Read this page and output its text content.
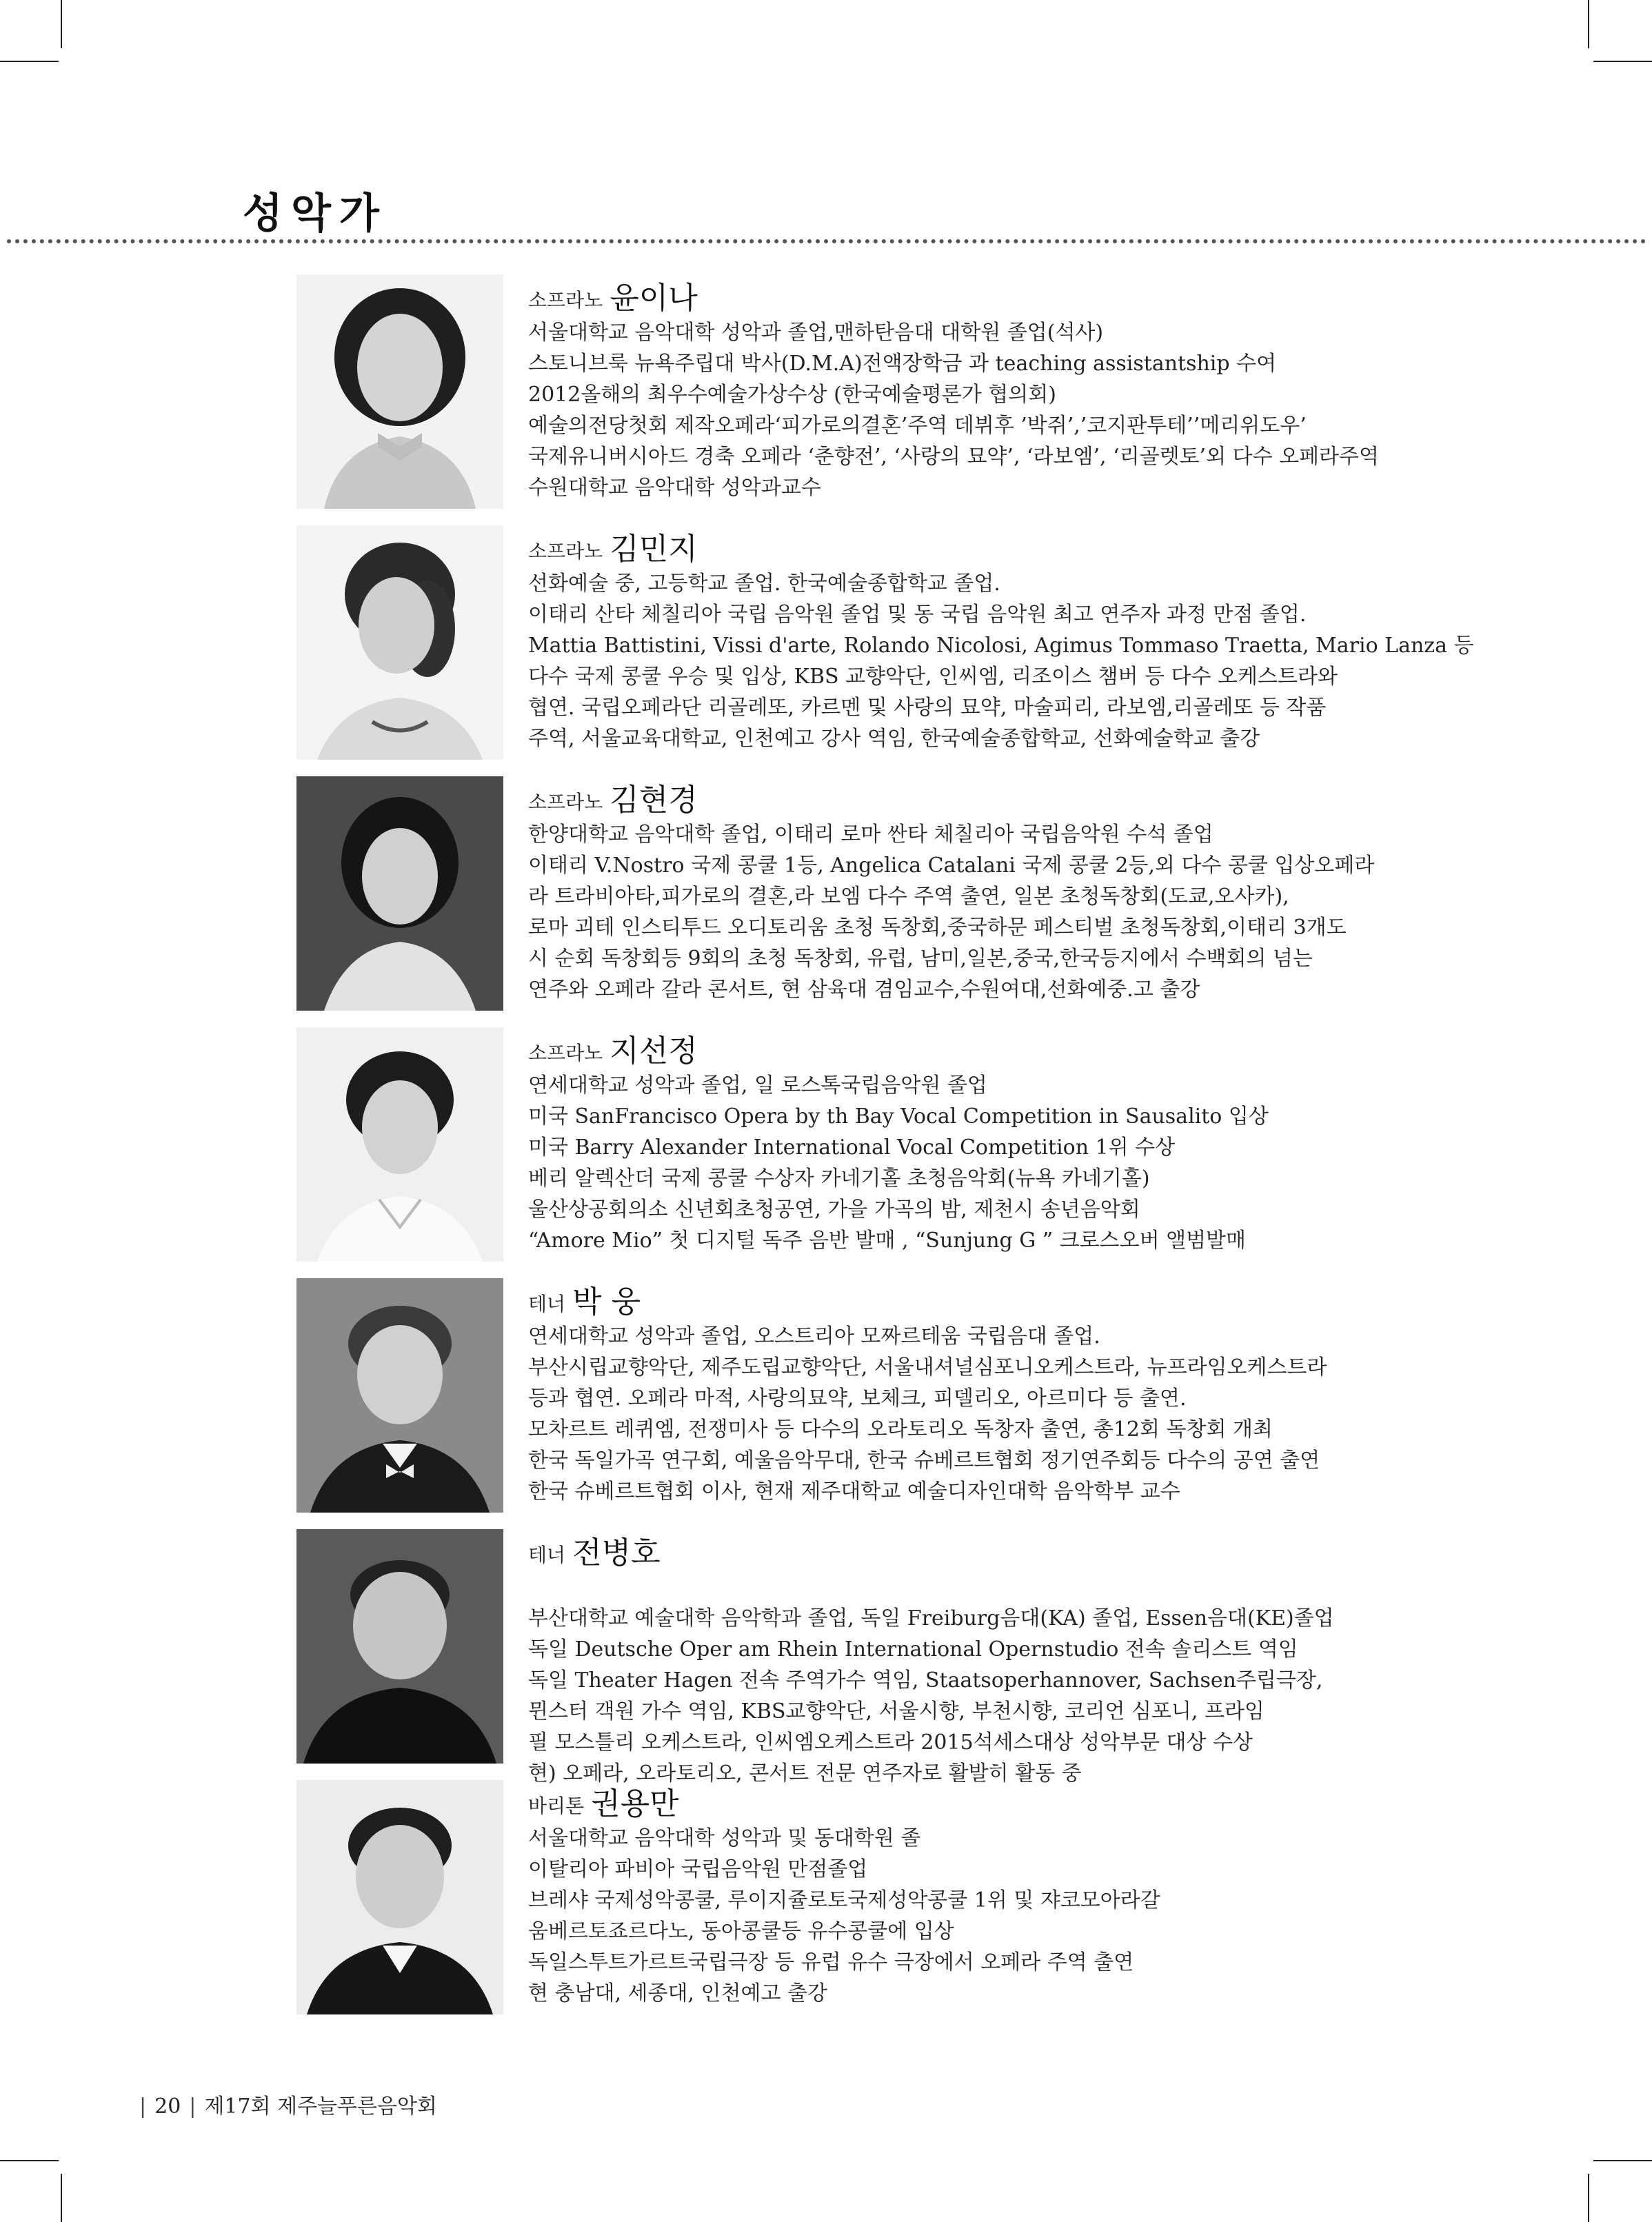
성악가
소프라노 윤이나
서울대학교 음악대학 성악과 졸업,맨하탄음대 대학원 졸업(석사)
스토니브룩 뉴욕주립대 박사(D.M.A)전액장학금 과 teaching assistantship 수여
2012올해의 최우수예술가상수상 (한국예술평론가 협의회)
예술의전당첫회 제작오페라‘피가로의결혼’주역 데뷔후 ’박쥐’,’코지판투테’’메리위도우’
국제유니버시아드 경축 오페라 ‘춘향전’, ‘사랑의 묘약’, ‘라보엠’, ‘리골렛토’외 다수 오페라주역
수원대학교 음악대학 성악과교수
소프라노 김민지
선화예술 중, 고등학교 졸업. 한국예술종합학교 졸업.
이태리 산타 체칠리아 국립 음악원 졸업 및 동 국립 음악원 최고 연주자 과정 만점 졸업.
Mattia Battistini, Vissi d'arte, Rolando Nicolosi, Agimus Tommaso Traetta, Mario Lanza 등
다수 국제 콩쿨 우승 및 입상, KBS 교향악단, 인씨엠, 리조이스 챔버 등 다수 오케스트라와
협연. 국립오페라단 리골레또, 카르멘 및 사랑의 묘약, 마술피리, 라보엠,리골레또 등 작품
주역, 서울교육대학교, 인천예고 강사 역임, 한국예술종합학교, 선화예술학교 출강
소프라노 김현경
한양대학교 음악대학 졸업, 이태리 로마 싼타 체칠리아 국립음악원 수석 졸업
이태리 V.Nostro 국제 콩쿨 1등, Angelica Catalani 국제 콩쿨 2등,외 다수 콩쿨 입상오페라
라 트라비아타,피가로의 결혼,라 보엠 다수 주역 출연, 일본 초청독창회(도쿄,오사카),
로마 괴테 인스티투드 오디토리움 초청 독창회,중국하문 페스티벌 초청독창회,이태리 3개도
시 순회 독창회등 9회의 초청 독창회, 유럽, 남미,일본,중국,한국등지에서 수백회의 넘는
연주와 오페라 갈라 콘서트, 현 삼육대 겸임교수,수원여대,선화예중.고 출강
소프라노 지선정
연세대학교 성악과 졸업, 일 로스톡국립음악원 졸업
미국 SanFrancisco Opera by th Bay Vocal Competition in Sausalito 입상
미국 Barry Alexander International Vocal Competition 1위 수상
베리 알렉산더 국제 콩쿨 수상자 카네기홀 초청음악회(뉴욕 카네기홀)
울산상공회의소 신년회초청공연, 가을 가곡의 밤, 제천시 송년음악회
“Amore Mio” 첫 디지털 독주 음반 발매 , “Sunjung G ” 크로스오버 앨범발매
테너 박 웅
연세대학교 성악과 졸업, 오스트리아 모짜르테움 국립음대 졸업.
부산시립교향악단, 제주도립교향악단, 서울내셔널심포니오케스트라, 뉴프라임오케스트라
등과 협연. 오페라 마적, 사랑의묘약, 보체크, 피델리오, 아르미다 등 출연.
모차르트 레퀴엠, 전쟁미사 등 다수의 오라토리오 독창자 출연, 총12회 독창회 개최
한국 독일가곡 연구회, 예울음악무대, 한국 슈베르트협회 정기연주회등 다수의 공연 출연
한국 슈베르트협회 이사, 현재 제주대학교 예술디자인대학 음악학부 교수
테너 전병호
부산대학교 예술대학 음악학과 졸업, 독일 Freiburg음대(KA) 졸업, Essen음대(KE)졸업
독일 Deutsche Oper am Rhein International Opernstudio 전속 솔리스트 역임
독일 Theater Hagen 전속 주역가수 역임, Staatsoperhannover, Sachsen주립극장,
뮌스터 객원 가수 역임, KBS교향악단, 서울시향, 부천시향, 코리언 심포니, 프라임
필 모스틀리 오케스트라, 인씨엠오케스트라 2015석세스대상 성악부문 대상 수상
현) 오페라, 오라토리오, 콘서트 전문 연주자로 활발히 활동 중
바리톤 권용만
서울대학교 음악대학 성악과 및 동대학원 졸
이탈리아 파비아 국립음악원 만점졸업
브레샤 국제성악콩쿨, 루이지쥴로토국제성악콩쿨 1위 및 쟈코모아라갈
움베르토죠르다노, 동아콩쿨등 유수콩쿨에 입상
독일스투트가르트국립극장 등 유럽 유수 극장에서 오페라 주역 출연
현 충남대, 세종대, 인천예고 출강
| 20 | 제17회 제주늘푸른음악회
